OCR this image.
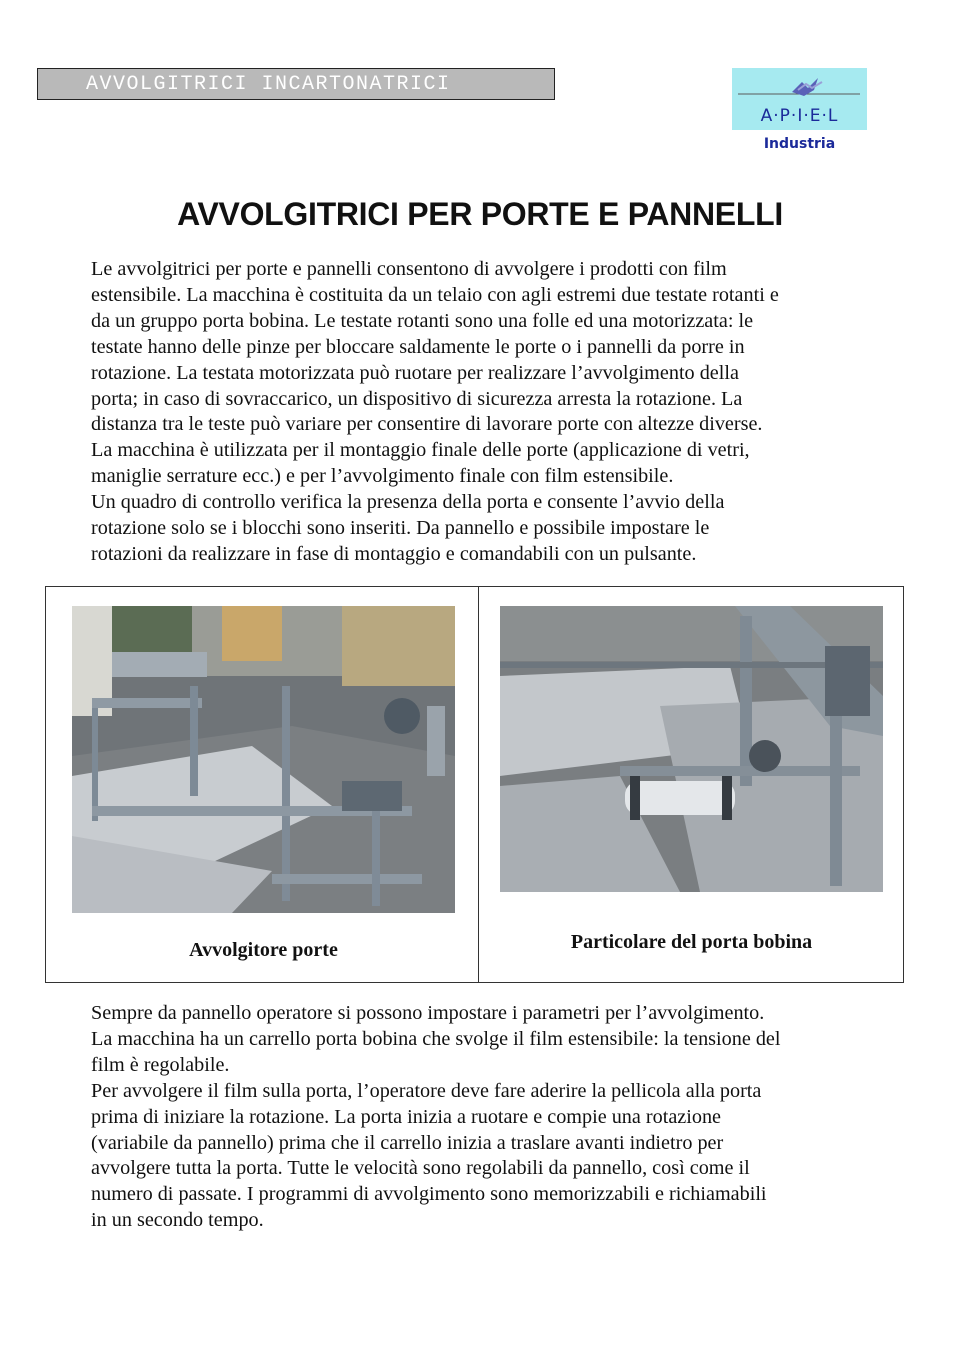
AVVOLGITRICI INCARTONATRICI
A·P·I·E·L
Industria
AVVOLGITRICI PER PORTE E PANNELLI

Le avvolgitrici per porte e pannelli consentono di avvolgere i prodotti con film
estensibile. La macchina è costituita da un telaio con agli estremi due testate rotanti e
da un gruppo porta bobina. Le testate rotanti sono una folle ed una motorizzata: le
testate hanno delle pinze per bloccare saldamente le porte o i pannelli da porre in
rotazione. La testata motorizzata può ruotare per realizzare l’avvolgimento della
porta; in caso di sovraccarico, un dispositivo di sicurezza arresta la rotazione. La
distanza tra le teste può variare per consentire di lavorare porte con altezze diverse.
La macchina è utilizzata per il montaggio finale delle porte (applicazione di vetri,
maniglie serrature ecc.) e per l’avvolgimento finale con film estensibile.
Un quadro di controllo verifica la presenza della porta e consente l’avvio della
rotazione solo se i blocchi sono inseriti. Da pannello e possibile impostare le
rotazioni da realizzare in fase di montaggio e comandabili con un pulsante.

Avvolgitore porte	Particolare del porta bobina

Sempre da pannello operatore si possono impostare i parametri per l’avvolgimento.
La macchina ha un carrello porta bobina che svolge il film estensibile: la tensione del
film è regolabile.
Per avvolgere il film sulla porta, l’operatore deve fare aderire la pellicola alla porta
prima di iniziare la rotazione. La porta inizia a ruotare e compie una rotazione
(variabile da pannello) prima che il carrello inizia a traslare avanti indietro per
avvolgere tutta la porta. Tutte le velocità sono regolabili da pannello, così come il
numero di passate. I programmi di avvolgimento sono memorizzabili e richiamabili
in un secondo tempo.
